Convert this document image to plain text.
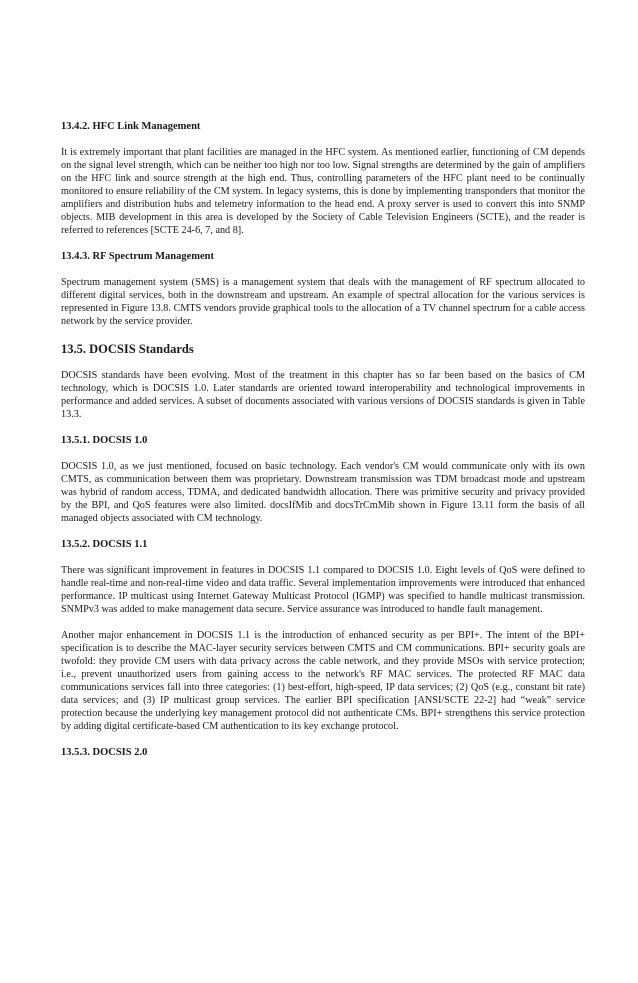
13.4.2. HFC Link Management

It is extremely important that plant facilities are managed in the HFC system. As mentioned earlier, functioning of CM depends on the signal level strength, which can be neither too high nor too low. Signal strengths are determined by the gain of amplifiers on the HFC link and source strength at the high end. Thus, controlling parameters of the HFC plant need to be continually monitored to ensure reliability of the CM system. In legacy systems, this is done by implementing transponders that monitor the amplifiers and distribution hubs and telemetry information to the head end. A proxy server is used to convert this into SNMP objects. MIB development in this area is developed by the Society of Cable Television Engineers (SCTE), and the reader is referred to references [SCTE 24-6, 7, and 8].

13.4.3. RF Spectrum Management

Spectrum management system (SMS) is a management system that deals with the management of RF spectrum allocated to different digital services, both in the downstream and upstream. An example of spectral allocation for the various services is represented in Figure 13.8. CMTS vendors provide graphical tools to the allocation of a TV channel spectrum for a cable access network by the service provider.

13.5. DOCSIS Standards

DOCSIS standards have been evolving. Most of the treatment in this chapter has so far been based on the basics of CM technology, which is DOCSIS 1.0. Later standards are oriented toward interoperability and technological improvements in performance and added services. A subset of documents associated with various versions of DOCSIS standards is given in Table 13.3.

13.5.1. DOCSIS 1.0

DOCSIS 1.0, as we just mentioned, focused on basic technology. Each vendor's CM would communicate only with its own CMTS, as communication between them was proprietary. Downstream transmission was TDM broadcast mode and upstream was hybrid of random access, TDMA, and dedicated bandwidth allocation. There was primitive security and privacy provided by the BPI, and QoS features were also limited. docsIfMib and docsTrCmMib shown in Figure 13.11 form the basis of all managed objects associated with CM technology.

13.5.2. DOCSIS 1.1

There was significant improvement in features in DOCSIS 1.1 compared to DOCSIS 1.0. Eight levels of QoS were defined to handle real-time and non-real-time video and data traffic. Several implementation improvements were introduced that enhanced performance. IP multicast using Internet Gateway Multicast Protocol (IGMP) was specified to handle multicast transmission. SNMPv3 was added to make management data secure. Service assurance was introduced to handle fault management.

Another major enhancement in DOCSIS 1.1 is the introduction of enhanced security as per BPI+. The intent of the BPI+ specification is to describe the MAC-layer security services between CMTS and CM communications. BPI+ security goals are twofold: they provide CM users with data privacy across the cable network, and they provide MSOs with service protection; i.e., prevent unauthorized users from gaining access to the network's RF MAC services. The protected RF MAC data communications services fall into three categories: (1) best-effort, high-speed, IP data services; (2) QoS (e.g., constant bit rate) data services; and (3) IP multicast group services. The earlier BPI specification [ANSI/SCTE 22-2] had “weak” service protection because the underlying key management protocol did not authenticate CMs. BPI+ strengthens this service protection by adding digital certificate-based CM authentication to its key exchange protocol.

13.5.3. DOCSIS 2.0
